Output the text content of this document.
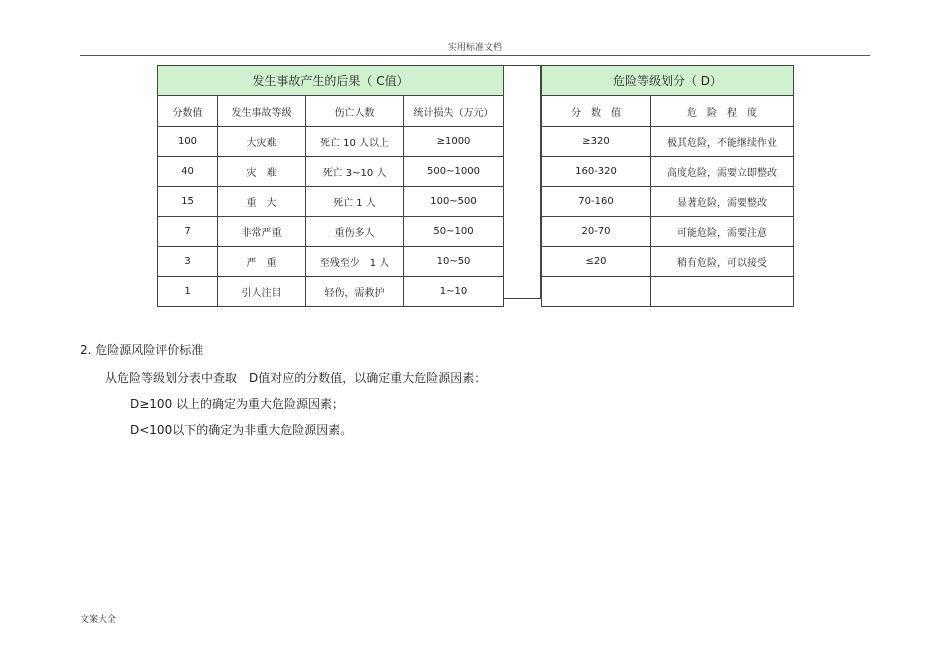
实用标准文档
发生事故产生的后果（ C值）			
分数值	发生事故等级	伤亡人数	统计损失（万元）
100	大灾难	死亡 10 人以上	≥1000
40	灾　难	死亡 3~10 人	500~1000
15	重　大	死亡 1 人	100~500
7	非常严重	重伤多人	50~100
3	严　重	至残至少　1 人	10~50
1	引人注目	轻伤，需救护	1~10
危险等级划分（ D）	
分　数　值	危　险　程　度
≥320	极其危险，不能继续作业
160-320	高度危险，需要立即整改
70-160	显著危险，需要整改
20-70	可能危险，需要注意
≤20	稍有危险，可以接受

2. 危险源风险评价标准
从危险等级划分表中查取　D值对应的分数值，以确定重大危险源因素：
D≥100 以上的确定为重大危险源因素；
D<100以下的确定为非重大危险源因素。
文案大全
